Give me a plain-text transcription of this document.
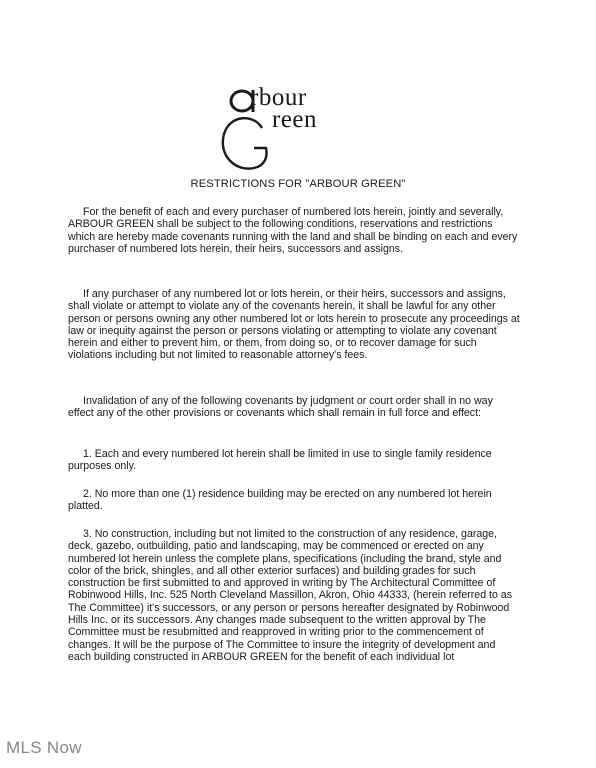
rbour
reen
RESTRICTIONS FOR "ARBOUR GREEN"

For the benefit of each and every purchaser of numbered lots herein, jointly and severally, ARBOUR GREEN shall be subject to the following conditions, reservations and restrictions which are hereby made covenants running with the land and shall be binding on each and every purchaser of numbered lots herein, their heirs, successors and assigns.

If any purchaser of any numbered lot or lots herein, or their heirs, successors and assigns, shall violate or attempt to violate any of the covenants herein, it shall be lawful for any other person or persons owning any other numbered lot or lots herein to prosecute any proceedings at law or inequity against the person or persons violating or attempting to violate any covenant herein and either to prevent him, or them, from doing so, or to recover damage for such violations including but not limited to reasonable attorney's fees.

Invalidation of any of the following covenants by judgment or court order shall in no way effect any of the other provisions or covenants which shall remain in full force and effect:

1. Each and every numbered lot herein shall be limited in use to single family residence purposes only.

2. No more than one (1) residence building may be erected on any numbered lot herein platted.

3. No construction, including but not limited to the construction of any residence, garage, deck, gazebo, outbuilding, patio and landscaping, may be commenced or erected on any numbered lot herein unless the complete plans, specifications (including the brand, style and color of the brick, shingles, and all other exterior surfaces) and building grades for such construction be first submitted to and approved in writing by The Architectural Committee of Robinwood Hills, Inc. 525 North Cleveland Massillon, Akron, Ohio 44333, (herein referred to as The Committee) it's successors, or any person or persons hereafter designated by Robinwood Hills Inc. or its successors. Any changes made subsequent to the written approval by The Committee must be resubmitted and reapproved in writing prior to the commencement of changes. It will be the purpose of The Committee to insure the integrity of development and each building constructed in ARBOUR GREEN for the benefit of each individual lot

MLS Now
